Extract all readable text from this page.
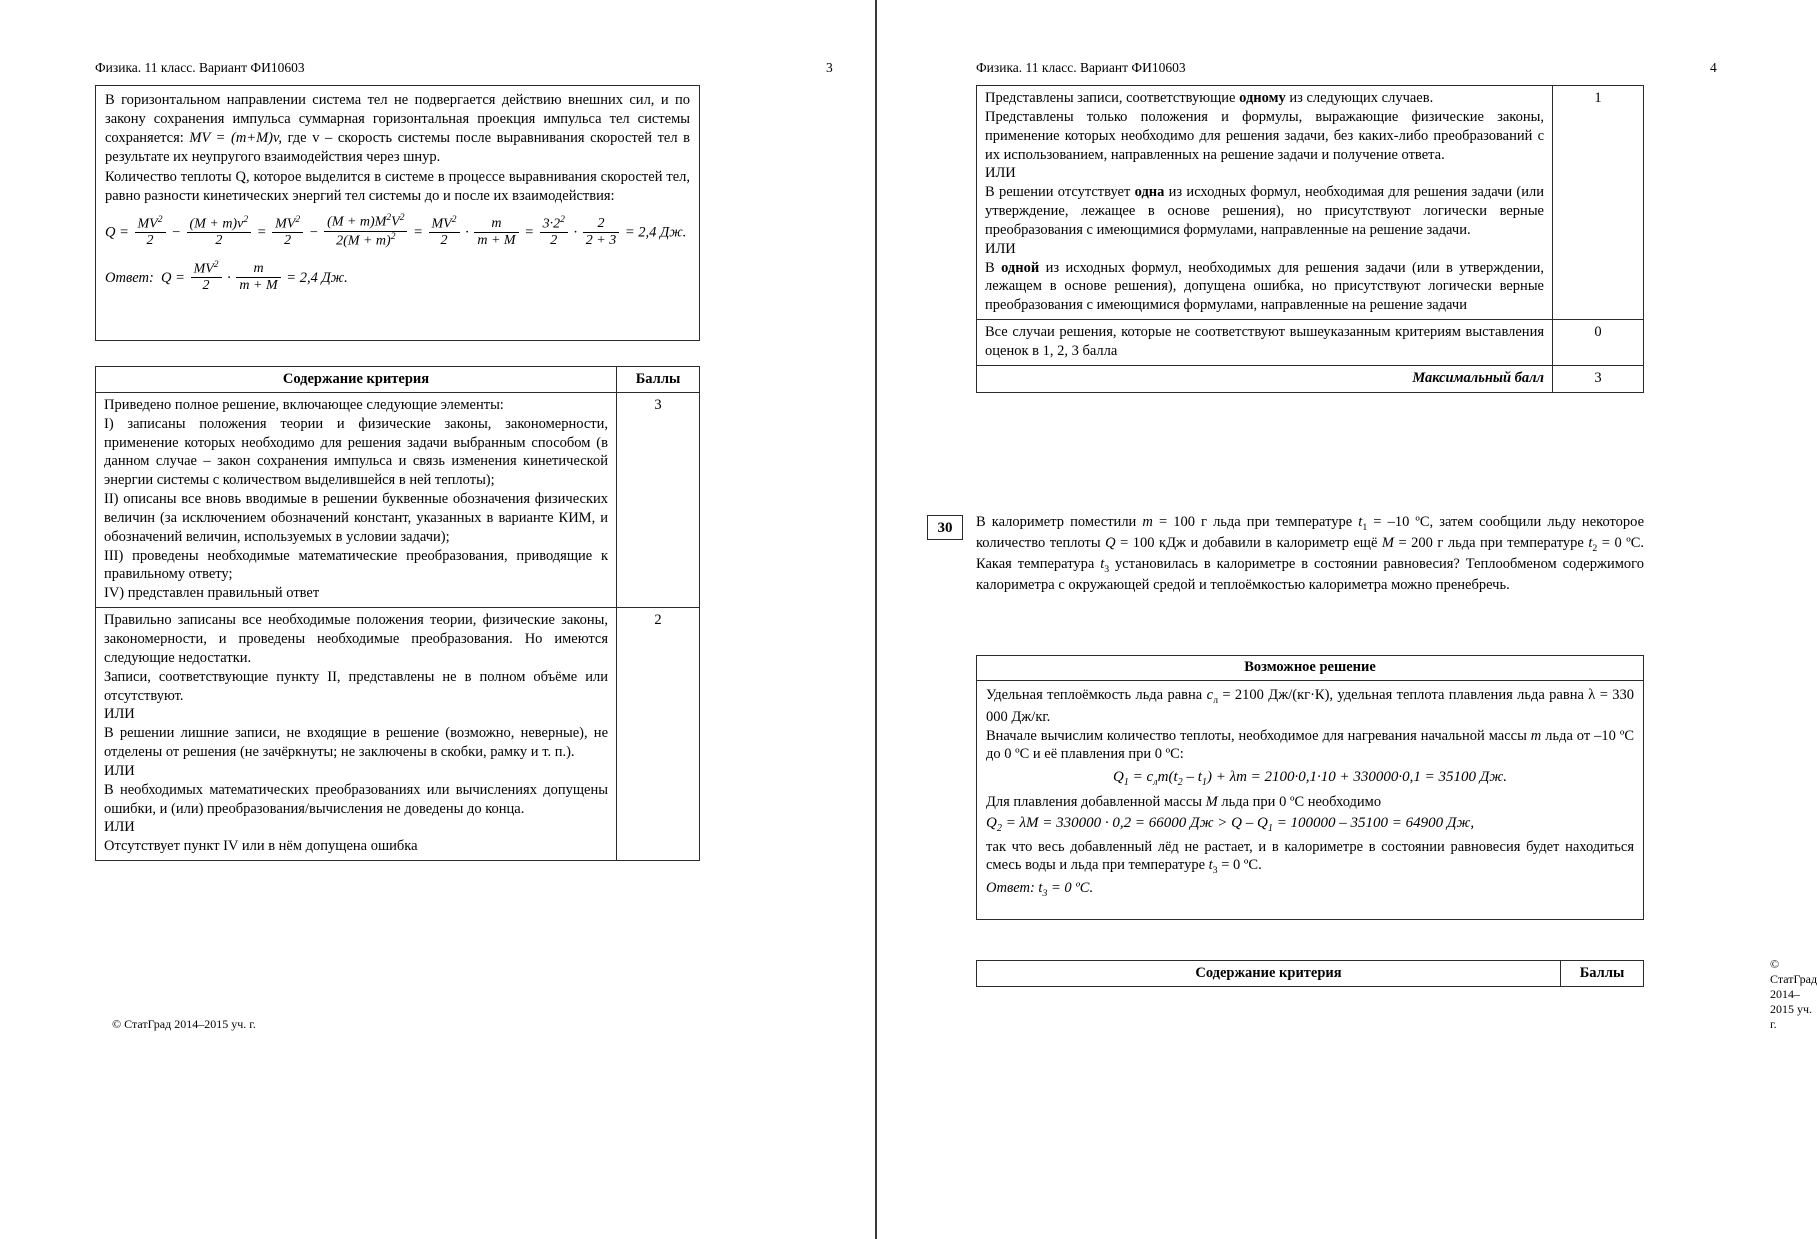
Физика. 11 класс. Вариант ФИ10603	3
В горизонтальном направлении система тел не подвергается действию внешних сил, и по закону сохранения импульса суммарная горизонтальная проекция импульса тел системы сохраняется: MV = (m+M)v, где v – скорость системы после выравнивания скоростей тел в результате их неупругого взаимодействия через шнур.
Количество теплоты Q, которое выделится в системе в процессе выравнивания скоростей тел, равно разности кинетических энергий тел системы до и после их взаимодействия:
$Q = \frac{MV^2}{2} - \frac{(M + m)v^2}{2} = \frac{MV^2}{2} - \frac{(M + m)M^2V^2}{2(M + m)^2} = \frac{MV^2}{2} \cdot \frac{m}{m + M} = \frac{3\cdot 2^2}{2} \cdot \frac{2}{2 + 3} = 2,4$ Дж.
Ответ:  $Q = \frac{MV^2}{2} \cdot \frac{m}{m + M} = 2,4$ Дж.
Содержание критерия	Баллы

Приведено полное решение, включающее следующие элементы:
I) записаны положения теории и физические законы, закономерности, применение которых необходимо для решения задачи выбранным способом (в данном случае – закон сохранения импульса и связь изменения кинетической энергии системы с количеством выделившейся в ней теплоты);
II) описаны все вновь вводимые в решении буквенные обозначения физических величин (за исключением обозначений констант, указанных в варианте КИМ, и обозначений величин, используемых в условии задачи);
III) проведены необходимые математические преобразования, приводящие к правильному ответу;
IV) представлен правильный ответ	3

Правильно записаны все необходимые положения теории, физические законы, закономерности, и проведены необходимые преобразования. Но имеются следующие недостатки.
Записи, соответствующие пункту II, представлены не в полном объёме или отсутствуют.
ИЛИ
В решении лишние записи, не входящие в решение (возможно, неверные), не отделены от решения (не зачёркнуты; не заключены в скобки, рамку и т. п.).
ИЛИ
В необходимых математических преобразованиях или вычислениях допущены ошибки, и (или) преобразования/вычисления не доведены до конца.
ИЛИ
Отсутствует пункт IV или в нём допущена ошибка
	2
© СтатГрад 2014–2015 уч. г.
Физика. 11 класс. Вариант ФИ10603	4
Представлены записи, соответствующие одному из следующих случаев.
Представлены только положения и формулы, выражающие физические законы, применение которых необходимо для решения задачи, без каких-либо преобразований с их использованием, направленных на решение задачи и получение ответа.
ИЛИ
В решении отсутствует одна из исходных формул, необходимая для решения задачи (или утверждение, лежащее в основе решения), но присутствуют логически верные преобразования с имеющимися формулами, направленные на решение задачи.
ИЛИ
В одной из исходных формул, необходимых для решения задачи (или в утверждении, лежащем в основе решения), допущена ошибка, но присутствуют логически верные преобразования с имеющимися формулами, направленные на решение задачи
	1
Все случаи решения, которые не соответствуют вышеуказанным критериям выставления оценок в 1, 2, 3 балла	0
Максимальный балл	3
30	В калориметр поместили m = 100 г льда при температуре $t_1 = -10$ ºС, затем сообщили льду некоторое количество теплоты Q = 100 кДж и добавили в калориметр ещё M = 200 г льда при температуре $t_2 = 0$ ºС. Какая температура $t_3$ установилась в калориметре в состоянии равновесия? Теплообменом содержимого калориметра с окружающей средой и теплоёмкостью калориметра можно пренебречь.
Возможное решение
Удельная теплоёмкость льда равна $c_л = 2100$ Дж/(кг·К), удельная теплота плавления льда равна λ = 330 000 Дж/кг.
Вначале вычислим количество теплоты, необходимое для нагревания начальной массы m льда от –10 ºС до 0 ºС и её плавления при 0 ºС:
$Q_1 = c_лm(t_2 - t_1) + \lambda m = 2100\cdot 0,1\cdot 10 + 330000\cdot 0,1 = 35100$ Дж.
Для плавления добавленной массы M льда при 0 ºС необходимо
$Q_2 = \lambda M = 330000 \cdot 0,2 = 66000$ Дж > $Q - Q_1 = 100000 - 35100 = 64900$ Дж,
так что весь добавленный лёд не растает, и в калориметре в состоянии равновесия будет находиться смесь воды и льда при температуре $t_3 = 0$ ºС.
Ответ: $t_3 = 0$ ºС.
Содержание критерия	Баллы
© СтатГрад 2014–2015 уч. г.
